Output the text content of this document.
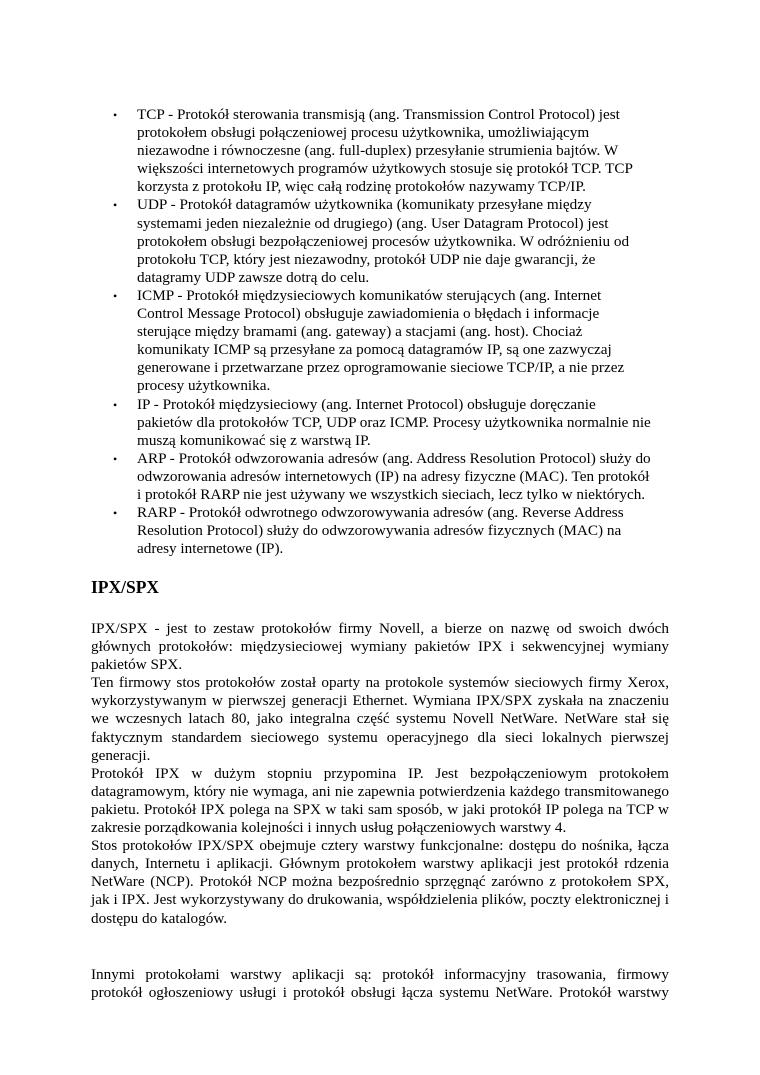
• TCP - Protokół sterowania transmisją (ang. Transmission Control Protocol) jest protokołem obsługi połączeniowej procesu użytkownika, umożliwiającym niezawodne i równoczesne (ang. full-duplex) przesyłanie strumienia bajtów. W większości internetowych programów użytkowych stosuje się protokół TCP. TCP korzysta z protokołu IP, więc całą rodzinę protokołów nazywamy TCP/IP.
• UDP - Protokół datagramów użytkownika (komunikaty przesyłane między systemami jeden niezależnie od drugiego) (ang. User Datagram Protocol) jest protokołem obsługi bezpołączeniowej procesów użytkownika. W odróżnieniu od protokołu TCP, który jest niezawodny, protokół UDP nie daje gwarancji, że datagramy UDP zawsze dotrą do celu.
• ICMP - Protokół międzysieciowych komunikatów sterujących (ang. Internet Control Message Protocol) obsługuje zawiadomienia o błędach i informacje sterujące między bramami (ang. gateway) a stacjami (ang. host). Chociaż komunikaty ICMP są przesyłane za pomocą datagramów IP, są one zazwyczaj generowane i przetwarzane przez oprogramowanie sieciowe TCP/IP, a nie przez procesy użytkownika.
• IP - Protokół międzysieciowy (ang. Internet Protocol) obsługuje doręczanie pakietów dla protokołów TCP, UDP oraz ICMP. Procesy użytkownika normalnie nie muszą komunikować się z warstwą IP.
• ARP - Protokół odwzorowania adresów (ang. Address Resolution Protocol) służy do odwzorowania adresów internetowych (IP) na adresy fizyczne (MAC). Ten protokół i protokół RARP nie jest używany we wszystkich sieciach, lecz tylko w niektórych.
• RARP - Protokół odwrotnego odwzorowywania adresów (ang. Reverse Address Resolution Protocol) służy do odwzorowywania adresów fizycznych (MAC) na adresy internetowe (IP).
IPX/SPX

IPX/SPX - jest to zestaw protokołów firmy Novell, a bierze on nazwę od swoich dwóch głównych protokołów: międzysieciowej wymiany pakietów IPX i sekwencyjnej wymiany pakietów SPX.

Ten firmowy stos protokołów został oparty na protokole systemów sieciowych firmy Xerox, wykorzystywanym w pierwszej generacji Ethernet. Wymiana IPX/SPX zyskała na znaczeniu we wczesnych latach 80, jako integralna część systemu Novell NetWare. NetWare stał się faktycznym standardem sieciowego systemu operacyjnego dla sieci lokalnych pierwszej generacji.

Protokół IPX w dużym stopniu przypomina IP. Jest bezpołączeniowym protokołem datagramowym, który nie wymaga, ani nie zapewnia potwierdzenia każdego transmitowanego pakietu. Protokół IPX polega na SPX w taki sam sposób, w jaki protokół IP polega na TCP w zakresie porządkowania kolejności i innych usług połączeniowych warstwy 4.

Stos protokołów IPX/SPX obejmuje cztery warstwy funkcjonalne: dostępu do nośnika, łącza danych, Internetu i aplikacji. Głównym protokołem warstwy aplikacji jest protokół rdzenia NetWare (NCP). Protokół NCP można bezpośrednio sprzęgnąć zarówno z protokołem SPX, jak i IPX. Jest wykorzystywany do drukowania, współdzielenia plików, poczty elektronicznej i dostępu do katalogów.

Innymi protokołami warstwy aplikacji są: protokół informacyjny trasowania, firmowy protokół ogłoszeniowy usługi i protokół obsługi łącza systemu NetWare. Protokół warstwy
